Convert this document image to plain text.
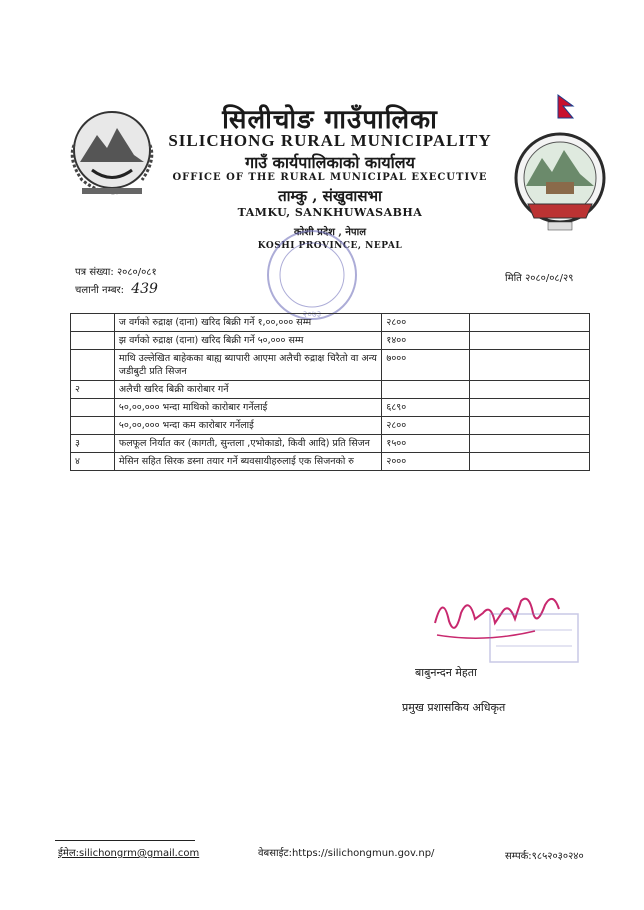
सिलीचोङ गाउँपालिका
SILICHONG RURAL MUNICIPALITY
गाउँ कार्यपालिकाको कार्यालय
OFFICE OF THE RURAL MUNICIPAL EXECUTIVE
ताम्कु , संखुवासभा
TAMKU, SANKHUWASABHA
कोशी प्रदेश , नेपाल
KOSHI PROVINCE, NEPAL
२०७३
पत्र संख्या: २०८०/०८१
चलानी नम्बर: 439
मिति २०८०/०८/२९
	ज वर्गको रुद्राक्ष (दाना) खरिद बिक्री गर्ने १,००,००० सम्म	२८००	
	झ वर्गको रुद्राक्ष (दाना) खरिद बिक्री गर्ने ५०,००० सम्म	१४००	
	माथि उल्लेखित बाहेकका बाह्य ब्यापारी आएमा अलैची रुद्राक्ष चिरैतो वा अन्य जडीबुटी प्रति सिजन	७०००	
२	अलैची खरिद बिक्री कारोबार गर्ने		
	५०,००,००० भन्दा माथिको कारोबार गर्नेलाई	६८९०	
	५०,००,००० भन्दा कम कारोबार गर्नेलाई	२८००	
३	फलफूल निर्यात कर (कागती, सुन्तला ,एभोकाडो, किवी आदि) प्रति सिजन	१५००	
४	मेसिन सहित सिरक डस्ना तयार गर्ने ब्यवसायीहरुलाई एक सिजनको रु	२०००	
बाबुनन्दन मेहता
प्रमुख प्रशासकिय अधिकृत
ईमेल:silichongrm@gmail.com	वेबसाईट:https://silichongmun.gov.np/	सम्पर्क:९८५२०३०२४०
